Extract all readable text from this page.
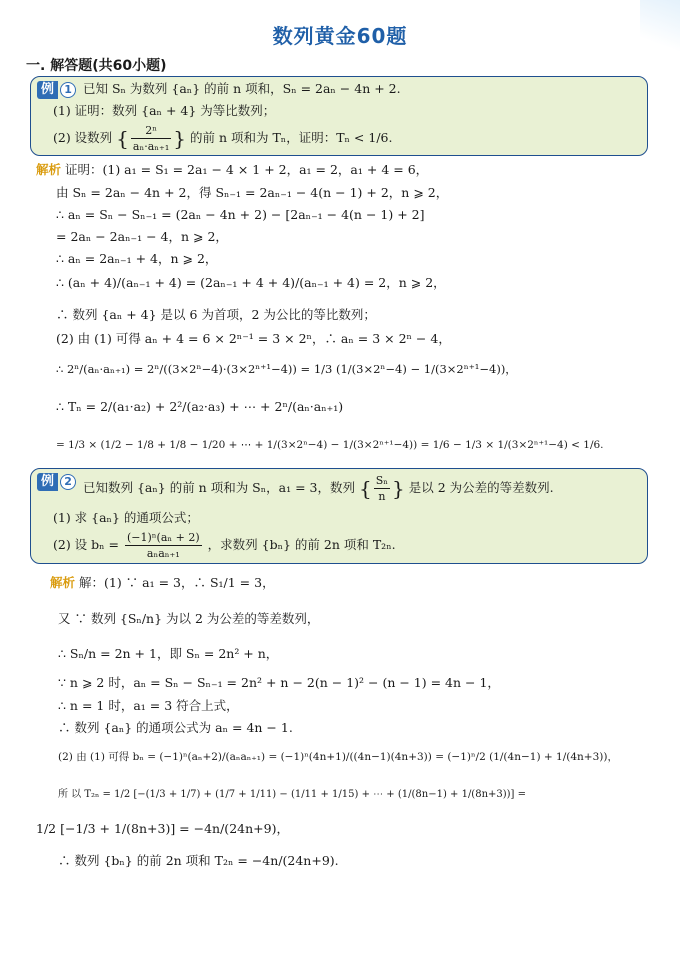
数列黄金60题
一. 解答题(共60小题)
例 1 已知 Sₙ 为数列 {aₙ} 的前 n 项和，Sₙ = 2aₙ − 4n + 2.
(1) 证明：数列 {aₙ + 4} 为等比数列；
(2) 设数列 { $\frac{\text{2ⁿ}}{\text{aₙ·aₙ₊₁}}$ } 的前 n 项和为 Tₙ，证明：Tₙ < 1/6.
解析 证明：(1) a₁ = S₁ = 2a₁ − 4 × 1 + 2，a₁ = 2，a₁ + 4 = 6，
由 Sₙ = 2aₙ − 4n + 2，得 Sₙ₋₁ = 2aₙ₋₁ − 4(n − 1) + 2，n ⩾ 2，
∴ aₙ = Sₙ − Sₙ₋₁ = (2aₙ − 4n + 2) − [2aₙ₋₁ − 4(n − 1) + 2]
= 2aₙ − 2aₙ₋₁ − 4，n ⩾ 2，
∴ aₙ = 2aₙ₋₁ + 4，n ⩾ 2，
∴ (aₙ + 4)/(aₙ₋₁ + 4) = (2aₙ₋₁ + 4 + 4)/(aₙ₋₁ + 4) = 2，n ⩾ 2，
∴ 数列 {aₙ + 4} 是以 6 为首项，2 为公比的等比数列；
(2) 由 (1) 可得 aₙ + 4 = 6 × 2ⁿ⁻¹ = 3 × 2ⁿ，∴ aₙ = 3 × 2ⁿ − 4，
∴ 2ⁿ/(aₙ·aₙ₊₁) = 2ⁿ/((3×2ⁿ−4)·(3×2ⁿ⁺¹−4)) = 1/3 (1/(3×2ⁿ−4) − 1/(3×2ⁿ⁺¹−4))，
∴ Tₙ = 2/(a₁·a₂) + 2²/(a₂·a₃) + ⋯ + 2ⁿ/(aₙ·aₙ₊₁)
= 1/3 × (1/2 − 1/8 + 1/8 − 1/20 + ⋯ + 1/(3×2ⁿ−4) − 1/(3×2ⁿ⁺¹−4)) = 1/6 − 1/3 × 1/(3×2ⁿ⁺¹−4) < 1/6.
例 2 已知数列 {aₙ} 的前 n 项和为 Sₙ，a₁ = 3，数列 { $\frac{\text{Sₙ}}{n}$ } 是以 2 为公差的等差数列.
(1) 求 {aₙ} 的通项公式；
(2) 设 $b_n = \frac{\text{(−1)ⁿ(aₙ + 2)}}{\text{aₙaₙ₊₁}}$ ，求数列 {bₙ} 的前 2n 项和 T₂ₙ.
解析 解：(1) ∵ a₁ = 3，∴ S₁/1 = 3，
又 ∵ 数列 {Sₙ/n} 为以 2 为公差的等差数列，
∴ Sₙ/n = 2n + 1，即 Sₙ = 2n² + n，
∵ n ⩾ 2 时，aₙ = Sₙ − Sₙ₋₁ = 2n² + n − 2(n − 1)² − (n − 1) = 4n − 1，
∴ n = 1 时，a₁ = 3 符合上式，
∴ 数列 {aₙ} 的通项公式为 aₙ = 4n − 1.
(2) 由 (1) 可得 bₙ = (−1)ⁿ(aₙ+2)/(aₙaₙ₊₁) = (−1)ⁿ(4n+1)/((4n−1)(4n+3)) = (−1)ⁿ/2 (1/(4n−1) + 1/(4n+3))，
所 以 T₂ₙ = 1/2 [−(1/3 + 1/7) + (1/7 + 1/11) − (1/11 + 1/15) + ⋯ + (1/(8n−1) + 1/(8n+3))] =
1/2 [−1/3 + 1/(8n+3)] = −4n/(24n+9)，
∴ 数列 {bₙ} 的前 2n 项和 T₂ₙ = −4n/(24n+9).
